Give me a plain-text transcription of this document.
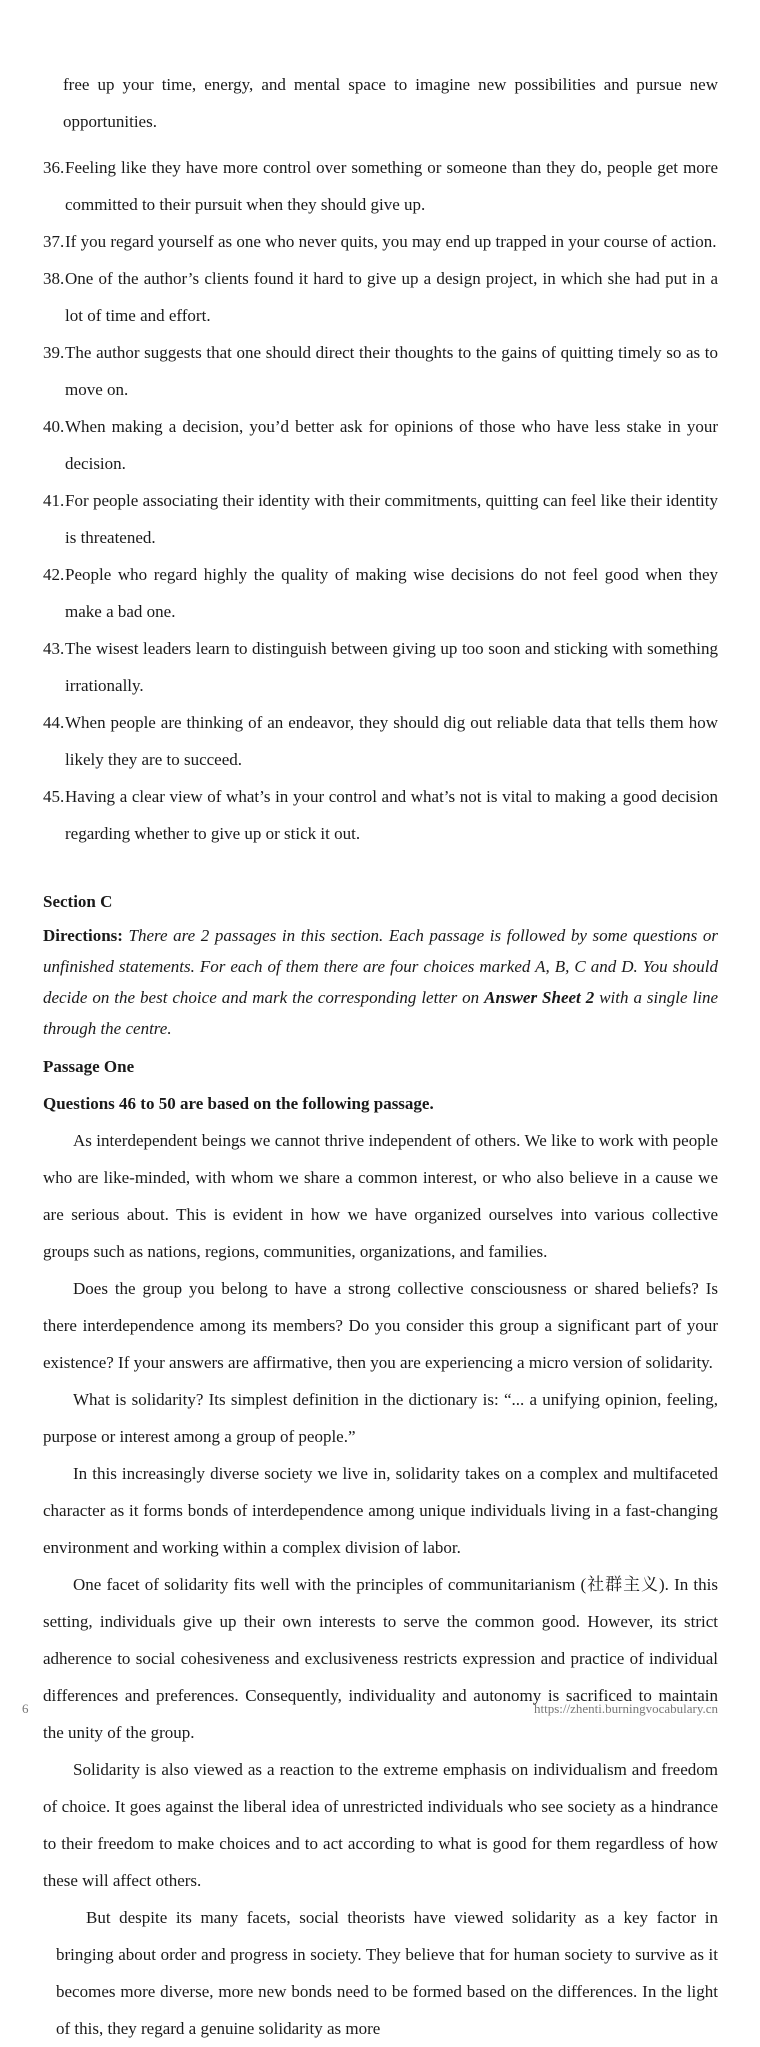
free up your time, energy, and mental space to imagine new possibilities and pursue new opportunities.
36. Feeling like they have more control over something or someone than they do, people get more committed to their pursuit when they should give up.
37. If you regard yourself as one who never quits, you may end up trapped in your course of action.
38. One of the author’s clients found it hard to give up a design project, in which she had put in a lot of time and effort.
39. The author suggests that one should direct their thoughts to the gains of quitting timely so as to move on.
40. When making a decision, you’d better ask for opinions of those who have less stake in your decision.
41. For people associating their identity with their commitments, quitting can feel like their identity is threatened.
42. People who regard highly the quality of making wise decisions do not feel good when they make a bad one.
43. The wisest leaders learn to distinguish between giving up too soon and sticking with something irrationally.
44. When people are thinking of an endeavor, they should dig out reliable data that tells them how likely they are to succeed.
45. Having a clear view of what’s in your control and what’s not is vital to making a good decision regarding whether to give up or stick it out.
Section C
Directions: There are 2 passages in this section. Each passage is followed by some questions or unfinished statements. For each of them there are four choices marked A, B, C and D. You should decide on the best choice and mark the corresponding letter on Answer Sheet 2 with a single line through the centre.
Passage One
Questions 46 to 50 are based on the following passage.

As interdependent beings we cannot thrive independent of others. We like to work with people who are like-minded, with whom we share a common interest, or who also believe in a cause we are serious about. This is evident in how we have organized ourselves into various collective groups such as nations, regions, communities, organizations, and families.

Does the group you belong to have a strong collective consciousness or shared beliefs? Is there interdependence among its members? Do you consider this group a significant part of your existence? If your answers are affirmative, then you are experiencing a micro version of solidarity.

What is solidarity? Its simplest definition in the dictionary is: “... a unifying opinion, feeling, purpose or interest among a group of people.”

In this increasingly diverse society we live in, solidarity takes on a complex and multifaceted character as it forms bonds of interdependence among unique individuals living in a fast-changing environment and working within a complex division of labor.

One facet of solidarity fits well with the principles of communitarianism (社群主义). In this setting, individuals give up their own interests to serve the common good. However, its strict adherence to social cohesiveness and exclusiveness restricts expression and practice of individual differences and preferences. Consequently, individuality and autonomy is sacrificed to maintain the unity of the group.

Solidarity is also viewed as a reaction to the extreme emphasis on individualism and freedom of choice. It goes against the liberal idea of unrestricted individuals who see society as a hindrance to their freedom to make choices and to act according to what is good for them regardless of how these will affect others.

But despite its many facets, social theorists have viewed solidarity as a key factor in bringing about order and progress in society. They believe that for human society to survive as it becomes more diverse, more new bonds need to be formed based on the differences. In the light of this, they regard a genuine solidarity as more

6	https://zhenti.burningvocabulary.cn
